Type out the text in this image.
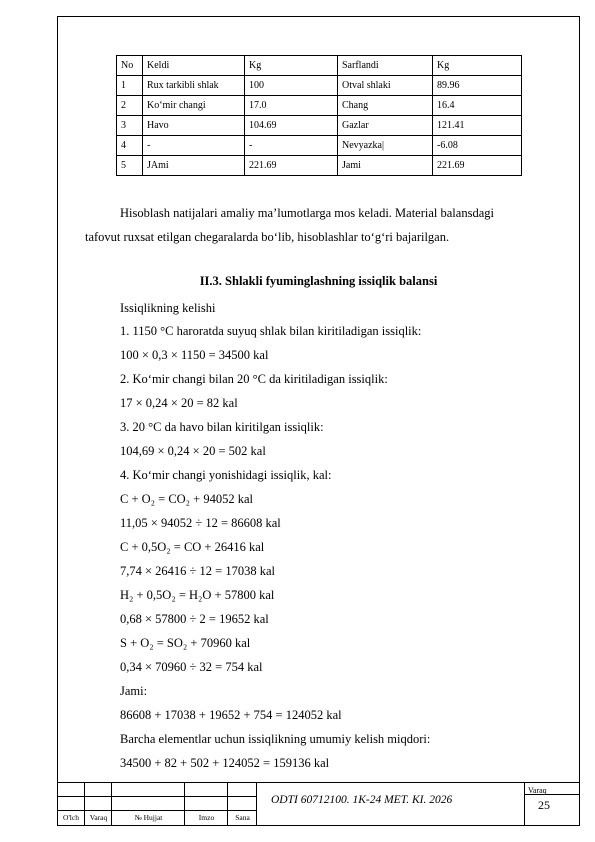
No	Keldi	Kg	Sarflandi	Kg
1	Rux tarkibli shlak	100	Otval shlaki	89.96
2	Ko‘mir changi	17.0	Chang	16.4
3	Havo	104.69	Gazlar	121.41
4	-	-	Nevyazka|	-6.08
5	JAmi	221.69	Jami	221.69
Hisoblash natijalari amaliy ma’lumotlarga mos keladi. Material balansdagi
tafovut ruxsat etilgan chegaralarda bo‘lib, hisoblashlar to‘g‘ri bajarilgan.
II.3. Shlakli fyuminglashning issiqlik balansi
Issiqlikning kelishi
1. 1150 °C haroratda suyuq shlak bilan kiritiladigan issiqlik:
100 × 0,3 × 1150 = 34500 kal
2. Ko‘mir changi bilan 20 °C da kiritiladigan issiqlik:
17 × 0,24 × 20 = 82 kal
3. 20 °C da havo bilan kiritilgan issiqlik:
104,69 × 0,24 × 20 = 502 kal
4. Ko‘mir changi yonishidagi issiqlik, kal:
C + O₂ = CO₂ + 94052 kal
11,05 × 94052 ÷ 12 = 86608 kal
C + 0,5O₂ = CO + 26416 kal
7,74 × 26416 ÷ 12 = 17038 kal
H₂ + 0,5O₂ = H₂O + 57800 kal
0,68 × 57800 ÷ 2 = 19652 kal
S + O₂ = SO₂ + 70960 kal
0,34 × 70960 ÷ 32 = 754 kal
Jami:
86608 + 17038 + 19652 + 754 = 124052 kal
Barcha elementlar uchun issiqlikning umumiy kelish miqdori:
34500 + 82 + 502 + 124052 = 159136 kal
O'lch	Varaq	№ Hujjat	Imzo	Sana
ODTI 60712100. 1K-24 MET. KI. 2026
Varaq
25
